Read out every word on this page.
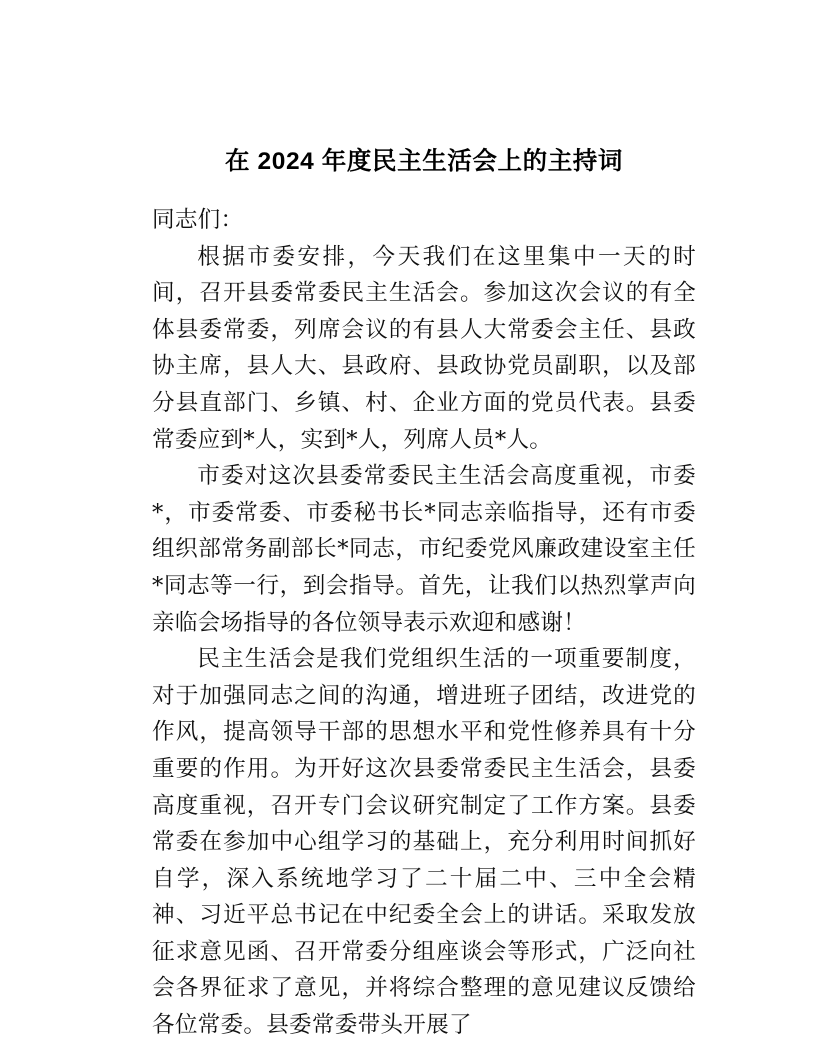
在 2024 年度民主生活会上的主持词

同志们：

根据市委安排，今天我们在这里集中一天的时间，召开县委常委民主生活会。参加这次会议的有全体县委常委，列席会议的有县人大常委会主任、县政协主席，县人大、县政府、县政协党员副职，以及部分县直部门、乡镇、村、企业方面的党员代表。县委常委应到*人，实到*人，列席人员*人。

市委对这次县委常委民主生活会高度重视，市委*，市委常委、市委秘书长*同志亲临指导，还有市委组织部常务副部长*同志，市纪委党风廉政建设室主任*同志等一行，到会指导。首先，让我们以热烈掌声向亲临会场指导的各位领导表示欢迎和感谢！

民主生活会是我们党组织生活的一项重要制度，对于加强同志之间的沟通，增进班子团结，改进党的作风，提高领导干部的思想水平和党性修养具有十分重要的作用。为开好这次县委常委民主生活会，县委高度重视，召开专门会议研究制定了工作方案。县委常委在参加中心组学习的基础上，充分利用时间抓好自学，深入系统地学习了二十届二中、三中全会精神、习近平总书记在中纪委全会上的讲话。采取发放征求意见函、召开常委分组座谈会等形式，广泛向社会各界征求了意见，并将综合整理的意见建议反馈给各位常委。县委常委带头开展了
